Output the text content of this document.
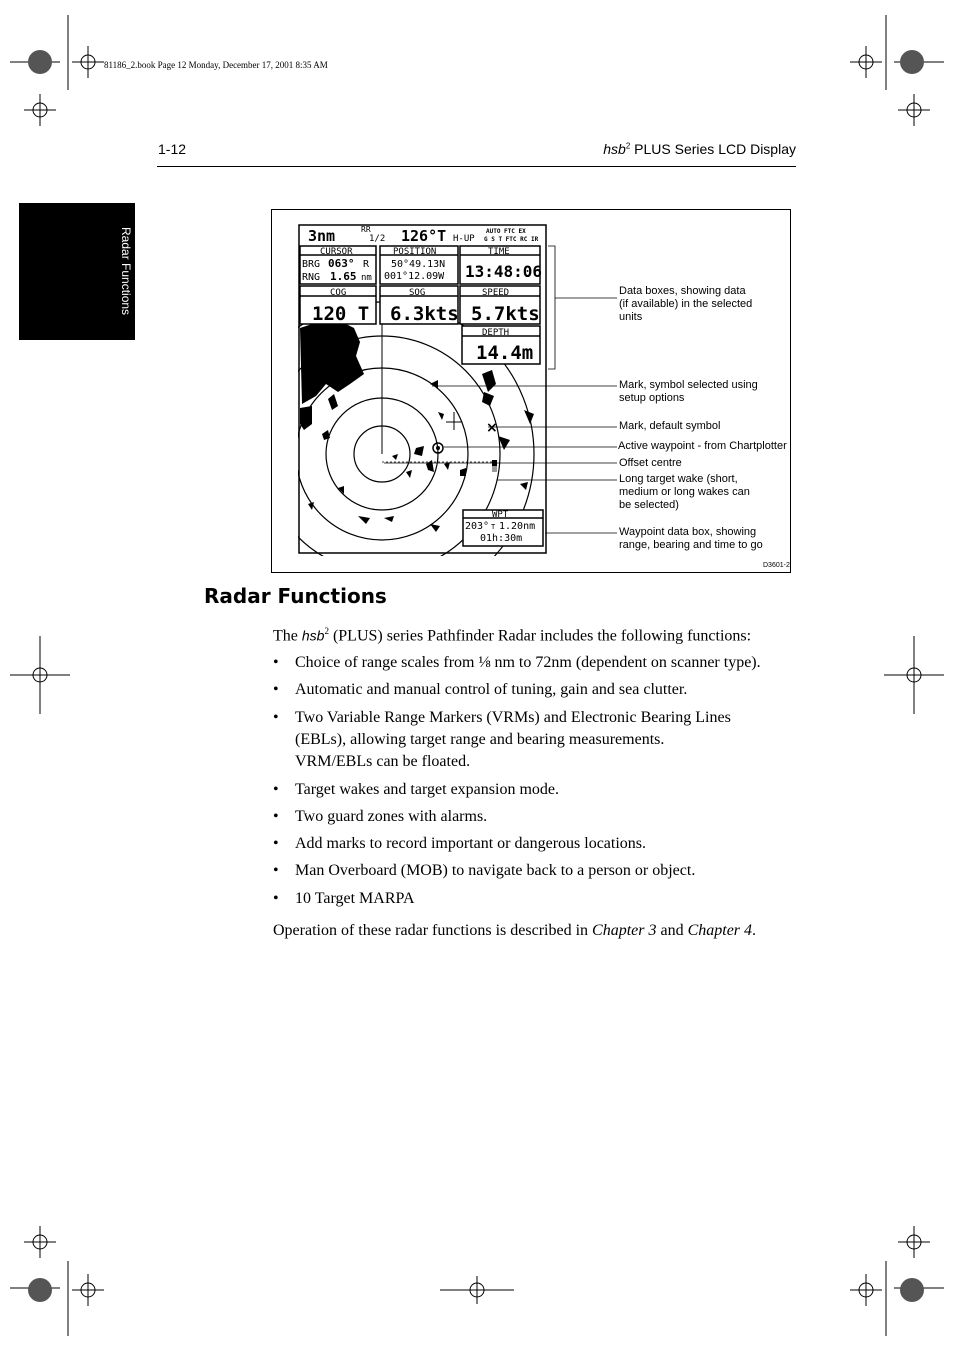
81186_2.book Page 12 Monday, December 17, 2001 8:35 AM
1-12	hsb$^2$ PLUS Series LCD Display
Radar Functions
D3601-2
×
3nm	RR
1/2 126°T H-UP
AUTO FTC EX
G S T FTC RC IR
CURSOR
BRG 063° R
RNG 1.65 nm
POSITION
50°49.13N
001°12.09W
TIME
13:48:06
COG
120 T
SOG
6.3kts
SPEED
5.7kts
DEPTH
14.4m
WPT
203° T 1.20nm
01h:30m
Data boxes, showing data
(if available) in the selected
units
Mark, symbol selected using
setup options
Mark, default symbol
Active waypoint - from Chartplotter
Offset centre
Long target wake (short,
medium or long wakes can
be selected)
Waypoint data box, showing
range, bearing and time to go
Radar Functions
The hsb$^2$ (PLUS) series Pathfinder Radar includes the following functions:
• Choice of range scales from ⅛ nm to 72nm (dependent on scanner type).
• Automatic and manual control of tuning, gain and sea clutter.
• Two Variable Range Markers (VRMs) and Electronic Bearing Lines (EBLs), allowing target range and bearing measurements.
VRM/EBLs can be floated.
• Target wakes and target expansion mode.
• Two guard zones with alarms.
• Add marks to record important or dangerous locations.
• Man Overboard (MOB) to navigate back to a person or object.
• 10 Target MARPA
Operation of these radar functions is described in Chapter 3 and Chapter 4.
